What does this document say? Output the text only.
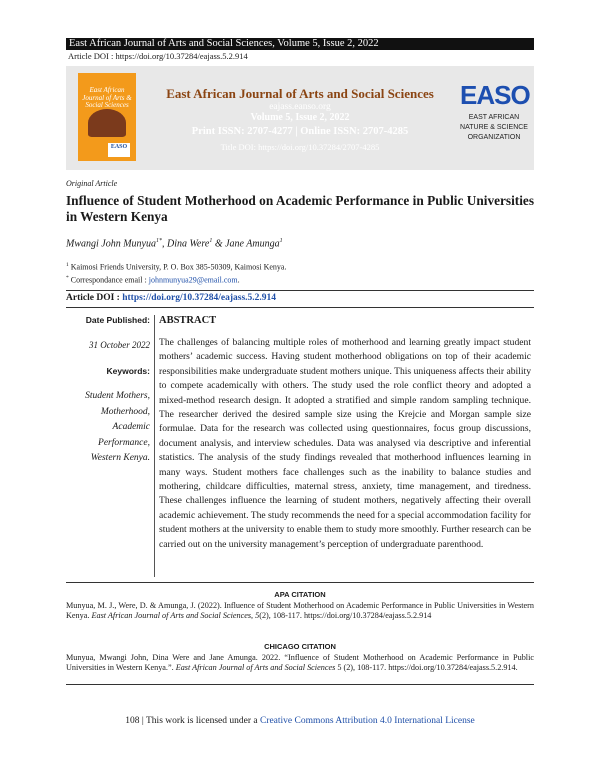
East African Journal of Arts and Social Sciences, Volume 5, Issue 2, 2022
Article DOI : https://doi.org/10.37284/eajass.5.2.914
East African Journal of Arts & Social Sciences
EASO
East African Journal of Arts and Social Sciences
eajass.eanso.org
Volume 5, Issue 2, 2022
Print ISSN: 2707-4277 | Online ISSN: 2707-4285
Title DOI: https://doi.org/10.37284/2707-4285
EASO
EAST AFRICAN NATURE & SCIENCE ORGANIZATION
Original Article
Influence of Student Motherhood on Academic Performance in Public Universities in Western Kenya
Mwangi John Munyua$^{1*}$, Dina Were$^1$ & Jane Amunga$^1$
$^1$ Kaimosi Friends University, P. O. Box 385-50309, Kaimosi Kenya.
* Correspondance email : johnmunyua29@email.com.
Article DOI : https://doi.org/10.37284/eajass.5.2.914
Date Published:
31 October 2022
Keywords:
Student Mothers,
Motherhood,
Academic
Performance,
Western Kenya.
ABSTRACT
The challenges of balancing multiple roles of motherhood and learning greatly impact student mothers’ academic success. Having student motherhood obligations on top of their academic responsibilities make undergraduate student mothers unique. This uniqueness affects their ability to compete academically with others. The study used the role conflict theory and adopted a mixed-method research design. It adopted a stratified and simple random sampling technique. The researcher derived the desired sample size using the Krejcie and Morgan sample size formulae. Data for the research was collected using questionnaires, focus group discussions, document analysis, and interview schedules. Data was analysed via descriptive and inferential statistics. The analysis of the study findings revealed that motherhood influences learning in many ways. Student mothers face challenges such as the inability to balance studies and mothering, childcare difficulties, maternal stress, anxiety, time management, and tiredness. These challenges influence the learning of student mothers, negatively affecting their overall academic achievement. The study recommends the need for a special accommodation facility for student mothers at the university to enable them to study more smoothly. Further research can be carried out on the university management’s perception of undergraduate parenthood.
APA CITATION
Munyua, M. J., Were, D. & Amunga, J. (2022). Influence of Student Motherhood on Academic Performance in Public Universities in Western Kenya. East African Journal of Arts and Social Sciences, 5(2), 108-117. https://doi.org/10.37284/eajass.5.2.914
CHICAGO CITATION
Munyua, Mwangi John, Dina Were and Jane Amunga. 2022. “Influence of Student Motherhood on Academic Performance in Public Universities in Western Kenya.”. East African Journal of Arts and Social Sciences 5 (2), 108-117. https://doi.org/10.37284/eajass.5.2.914.
108 | This work is licensed under a Creative Commons Attribution 4.0 International License
